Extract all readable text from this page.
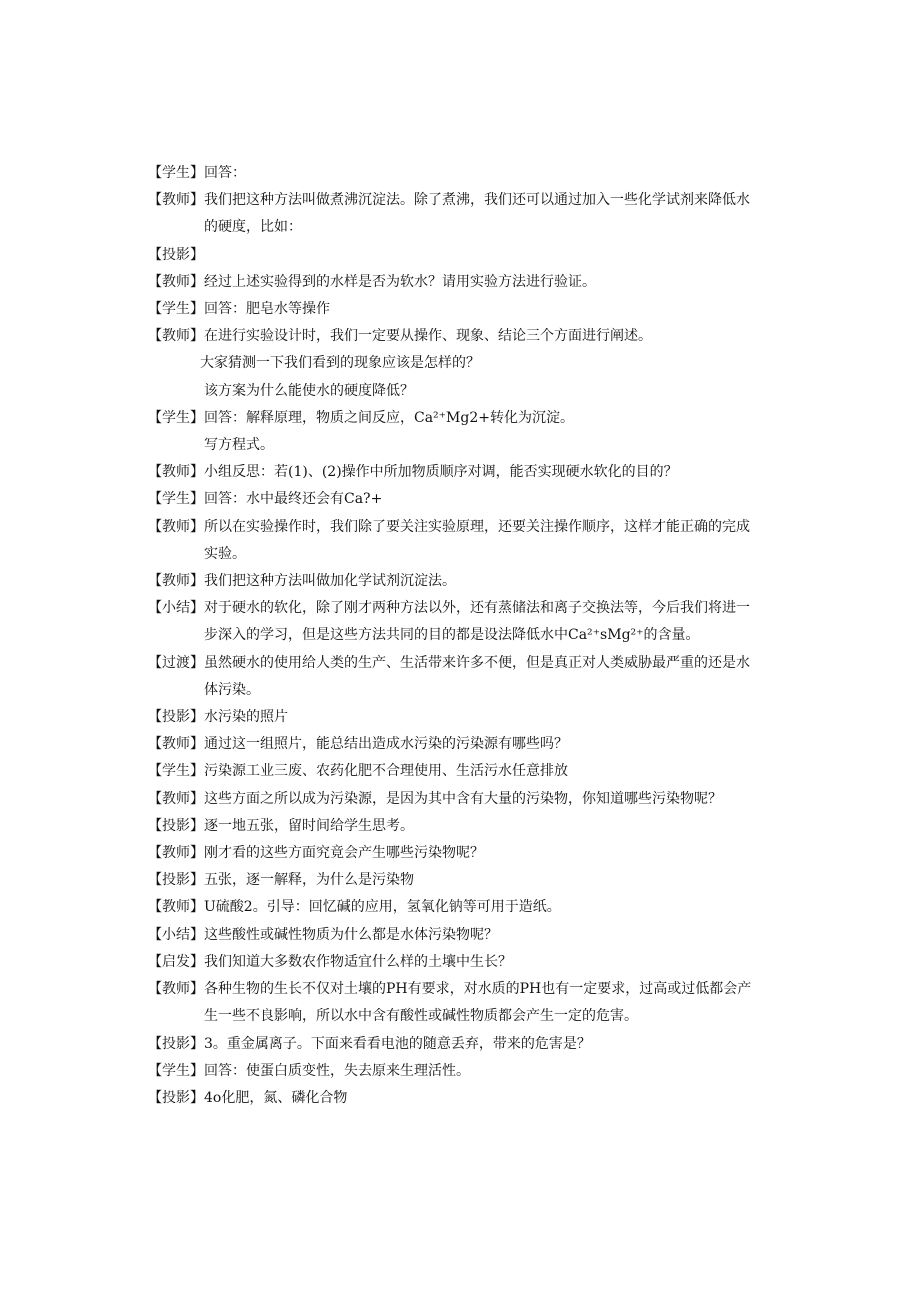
【学生】回答：
【教师】我们把这种方法叫做煮沸沉淀法。除了煮沸，我们还可以通过加入一些化学试剂来降低水
的硬度，比如：
【投影】
【教师】经过上述实验得到的水样是否为软水？请用实验方法进行验证。
【学生】回答：肥皂水等操作
【教师】在进行实验设计时，我们一定要从操作、现象、结论三个方面进行阐述。
大家猜测一下我们看到的现象应该是怎样的？
该方案为什么能使水的硬度降低？
【学生】回答：解释原理，物质之间反应，Ca²⁺Mg2+转化为沉淀。
写方程式。
【教师】小组反思：若(1)、(2)操作中所加物质顺序对调，能否实现硬水软化的目的？
【学生】回答：水中最终还会有Ca?+
【教师】所以在实验操作时，我们除了要关注实验原理，还要关注操作顺序，这样才能正确的完成
实验。
【教师】我们把这种方法叫做加化学试剂沉淀法。
【小结】对于硬水的软化，除了刚才两种方法以外，还有蒸储法和离子交换法等，今后我们将进一
步深入的学习，但是这些方法共同的目的都是设法降低水中Ca²⁺sMg²⁺的含量。
【过渡】虽然硬水的使用给人类的生产、生活带来许多不便，但是真正对人类威胁最严重的还是水
体污染。
【投影】水污染的照片
【教师】通过这一组照片，能总结出造成水污染的污染源有哪些吗？
【学生】污染源工业三废、农药化肥不合理使用、生活污水任意排放
【教师】这些方面之所以成为污染源，是因为其中含有大量的污染物，你知道哪些污染物呢？
【投影】逐一地五张，留时间给学生思考。
【教师】刚才看的这些方面究竟会产生哪些污染物呢？
【投影】五张，逐一解释，为什么是污染物
【教师】U硫酸2。引导：回忆碱的应用，氢氧化钠等可用于造纸。
【小结】这些酸性或碱性物质为什么都是水体污染物呢？
【启发】我们知道大多数农作物适宜什么样的土壤中生长？
【教师】各种生物的生长不仅对土壤的PH有要求，对水质的PH也有一定要求，过高或过低都会产
生一些不良影响，所以水中含有酸性或碱性物质都会产生一定的危害。
【投影】3。重金属离子。下面来看看电池的随意丢弃，带来的危害是？
【学生】回答：使蛋白质变性，失去原来生理活性。
【投影】4o化肥，氮、磷化合物
